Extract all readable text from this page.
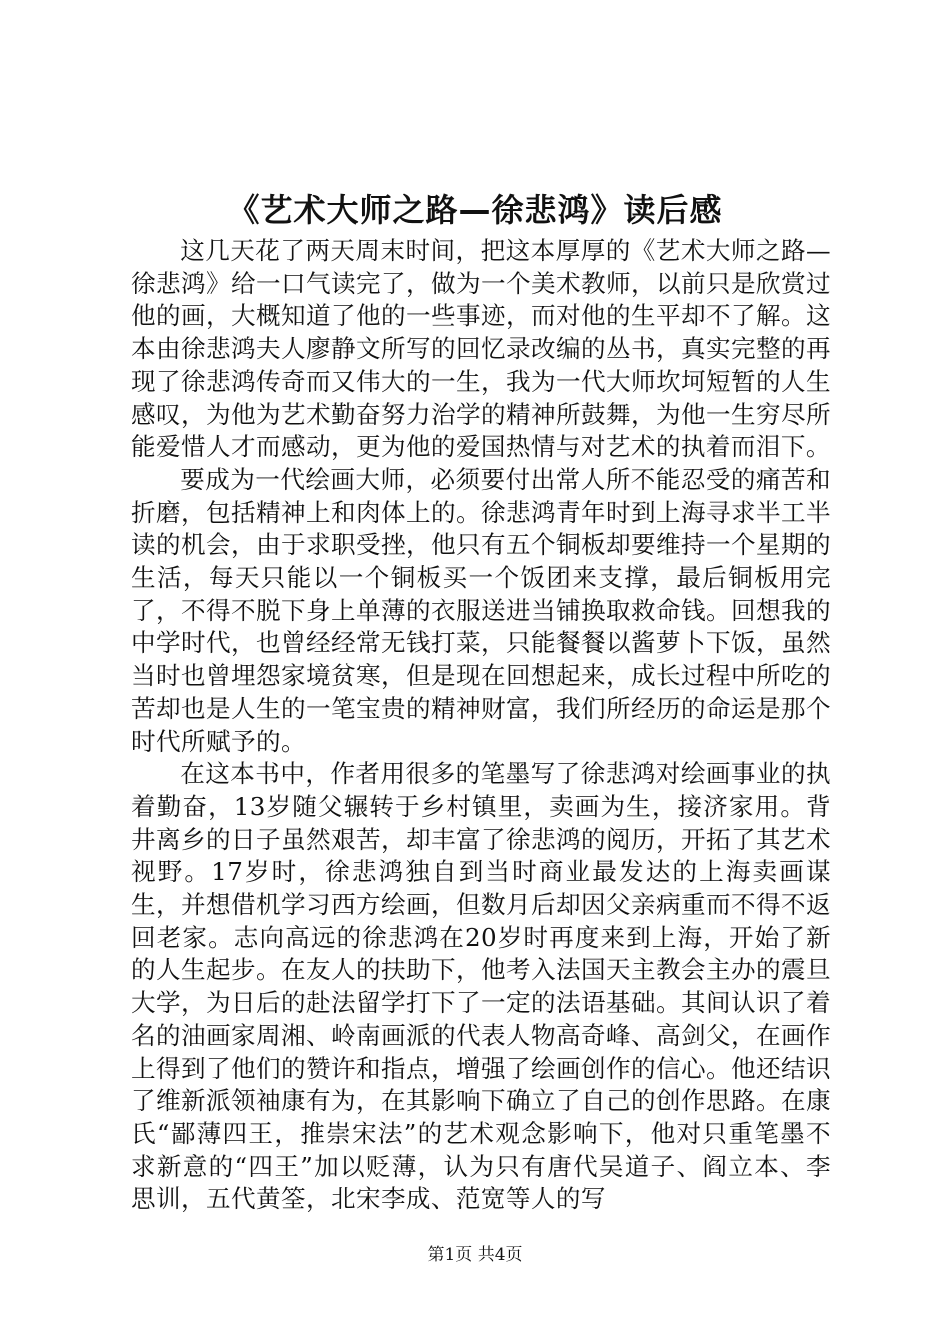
《艺术大师之路—徐悲鸿》读后感

这几天花了两天周末时间，把这本厚厚的《艺术大师之路—徐悲鸿》给一口气读完了，做为一个美术教师，以前只是欣赏过他的画，大概知道了他的一些事迹，而对他的生平却不了解。这本由徐悲鸿夫人廖静文所写的回忆录改编的丛书，真实完整的再现了徐悲鸿传奇而又伟大的一生，我为一代大师坎坷短暂的人生感叹，为他为艺术勤奋努力治学的精神所鼓舞，为他一生穷尽所能爱惜人才而感动，更为他的爱国热情与对艺术的执着而泪下。

要成为一代绘画大师，必须要付出常人所不能忍受的痛苦和折磨，包括精神上和肉体上的。徐悲鸿青年时到上海寻求半工半读的机会，由于求职受挫，他只有五个铜板却要维持一个星期的生活，每天只能以一个铜板买一个饭团来支撑，最后铜板用完了，不得不脱下身上单薄的衣服送进当铺换取救命钱。回想我的中学时代，也曾经经常无钱打菜，只能餐餐以酱萝卜下饭，虽然当时也曾埋怨家境贫寒，但是现在回想起来，成长过程中所吃的苦却也是人生的一笔宝贵的精神财富，我们所经历的命运是那个时代所赋予的。

在这本书中，作者用很多的笔墨写了徐悲鸿对绘画事业的执着勤奋，13岁随父辗转于乡村镇里，卖画为生，接济家用。背井离乡的日子虽然艰苦，却丰富了徐悲鸿的阅历，开拓了其艺术视野。17岁时，徐悲鸿独自到当时商业最发达的上海卖画谋生，并想借机学习西方绘画，但数月后却因父亲病重而不得不返回老家。志向高远的徐悲鸿在20岁时再度来到上海，开始了新的人生起步。在友人的扶助下，他考入法国天主教会主办的震旦大学，为日后的赴法留学打下了一定的法语基础。其间认识了着名的油画家周湘、岭南画派的代表人物高奇峰、高剑父，在画作上得到了他们的赞许和指点，增强了绘画创作的信心。他还结识了维新派领袖康有为，在其影响下确立了自己的创作思路。在康氏“鄙薄四王，推崇宋法”的艺术观念影响下，他对只重笔墨不求新意的“四王”加以贬薄，认为只有唐代吴道子、阎立本、李思训，五代黄筌，北宋李成、范宽等人的写

第1页 共4页
